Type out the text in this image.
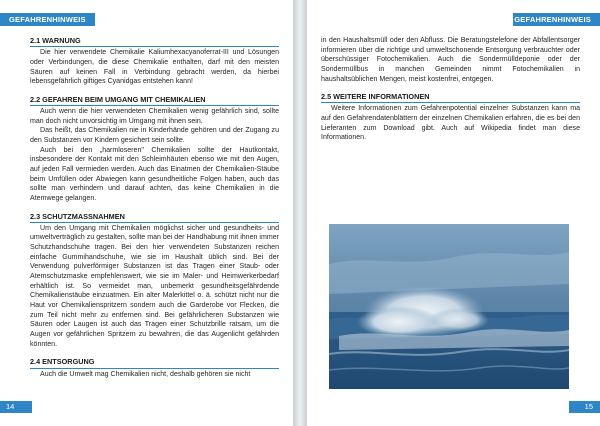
GEFAHRENHINWEIS
2.1 WARNUNG

Die hier verwendete Chemikalie Kaliumhexacyanoferrat-III und Lösungen oder Verbindungen, die diese Chemikalie enthalten, darf mit den meisten Säuren auf keinen Fall in Verbindung gebracht werden, da hierbei lebensgefährlich giftiges Cyanidgas entstehen kann!

2.2 GEFAHREN BEIM UMGANG MIT CHEMIKALIEN

Auch wenn die hier verwendeten Chemikalien wenig gefährlich sind, sollte man doch nicht unvorsichtig im Umgang mit ihnen sein.

Das heißt, das Chemikalien nie in Kinderhände gehören und der Zugang zu den Substanzen vor Kindern gesichert sein sollte.

Auch bei den „harmloseren" Chemikalien sollte der Hautkontakt, insbesondere der Kontakt mit den Schleimhäuten ebenso wie mit den Augen, auf jeden Fall vermieden werden. Auch das Einatmen der Chemikalien-Stäube beim Umfüllen oder Abwiegen kann gesundheitliche Folgen haben, auch das sollte man verhindern und darauf achten, das keine Chemikalien in die Atemwege gelangen.

2.3 SCHUTZMASSNAHMEN

Um den Umgang mit Chemikalien möglichst sicher und gesundheits- und umweltverträglich zu gestalten, sollte man bei der Handhabung mit ihnen immer Schutzhandschuhe tragen. Bei den hier verwendeten Substanzen reichen einfache Gummihandschuhe, wie sie im Haushalt üblich sind. Bei der Verwendung pulverförmiger Substanzen ist das Tragen einer Staub- oder Atemschutzmaske empfehlenswert, wie sie im Maler- und Heimwerkerbedarf erhältlich ist. So vermeidet man, unbemerkt gesundheitsgefährdende Chemikalienstäube einzuatmen. Ein alter Malerkittel o. ä. schützt nicht nur die Haut vor Chemikalienspritzern sondern auch die Garderobe vor Flecken, die zum Teil nicht mehr zu entfernen sind. Bei gefährlicheren Substanzen wie Säuren oder Laugen ist auch das Tragen einer Schutzbrille ratsam, um die Augen vor gefährlichen Spritzern zu bewahren, die das Augenlicht gefährden könnten.

2.4 ENTSORGUNG

Auch die Umwelt mag Chemikalien nicht, deshalb gehören sie nicht

14
GEFAHRENHINWEIS

in den Haushaltsmüll oder den Abfluss. Die Beratungstelefone der Abfallentsorger informieren über die richtige und umweltschonende Entsorgung verbrauchter oder überschüssiger Fotochemikalien. Auch die Sondermülldeponie oder der Sondermüllbus in manchen Gemeinden nimmt Fotochemikalien in haushaltsüblichen Mengen, meist kostenfrei, entgegen.

2.5 WEITERE INFORMATIONEN

Weitere Informationen zum Gefahrenpotential einzelner Substanzen kann ma auf den Gefahrendatenblättern der einzelnen Chemikalien erfahren, die es bei den Lieferanten zum Download gibt. Auch auf Wikipedia findet man diese Informationen.

15
